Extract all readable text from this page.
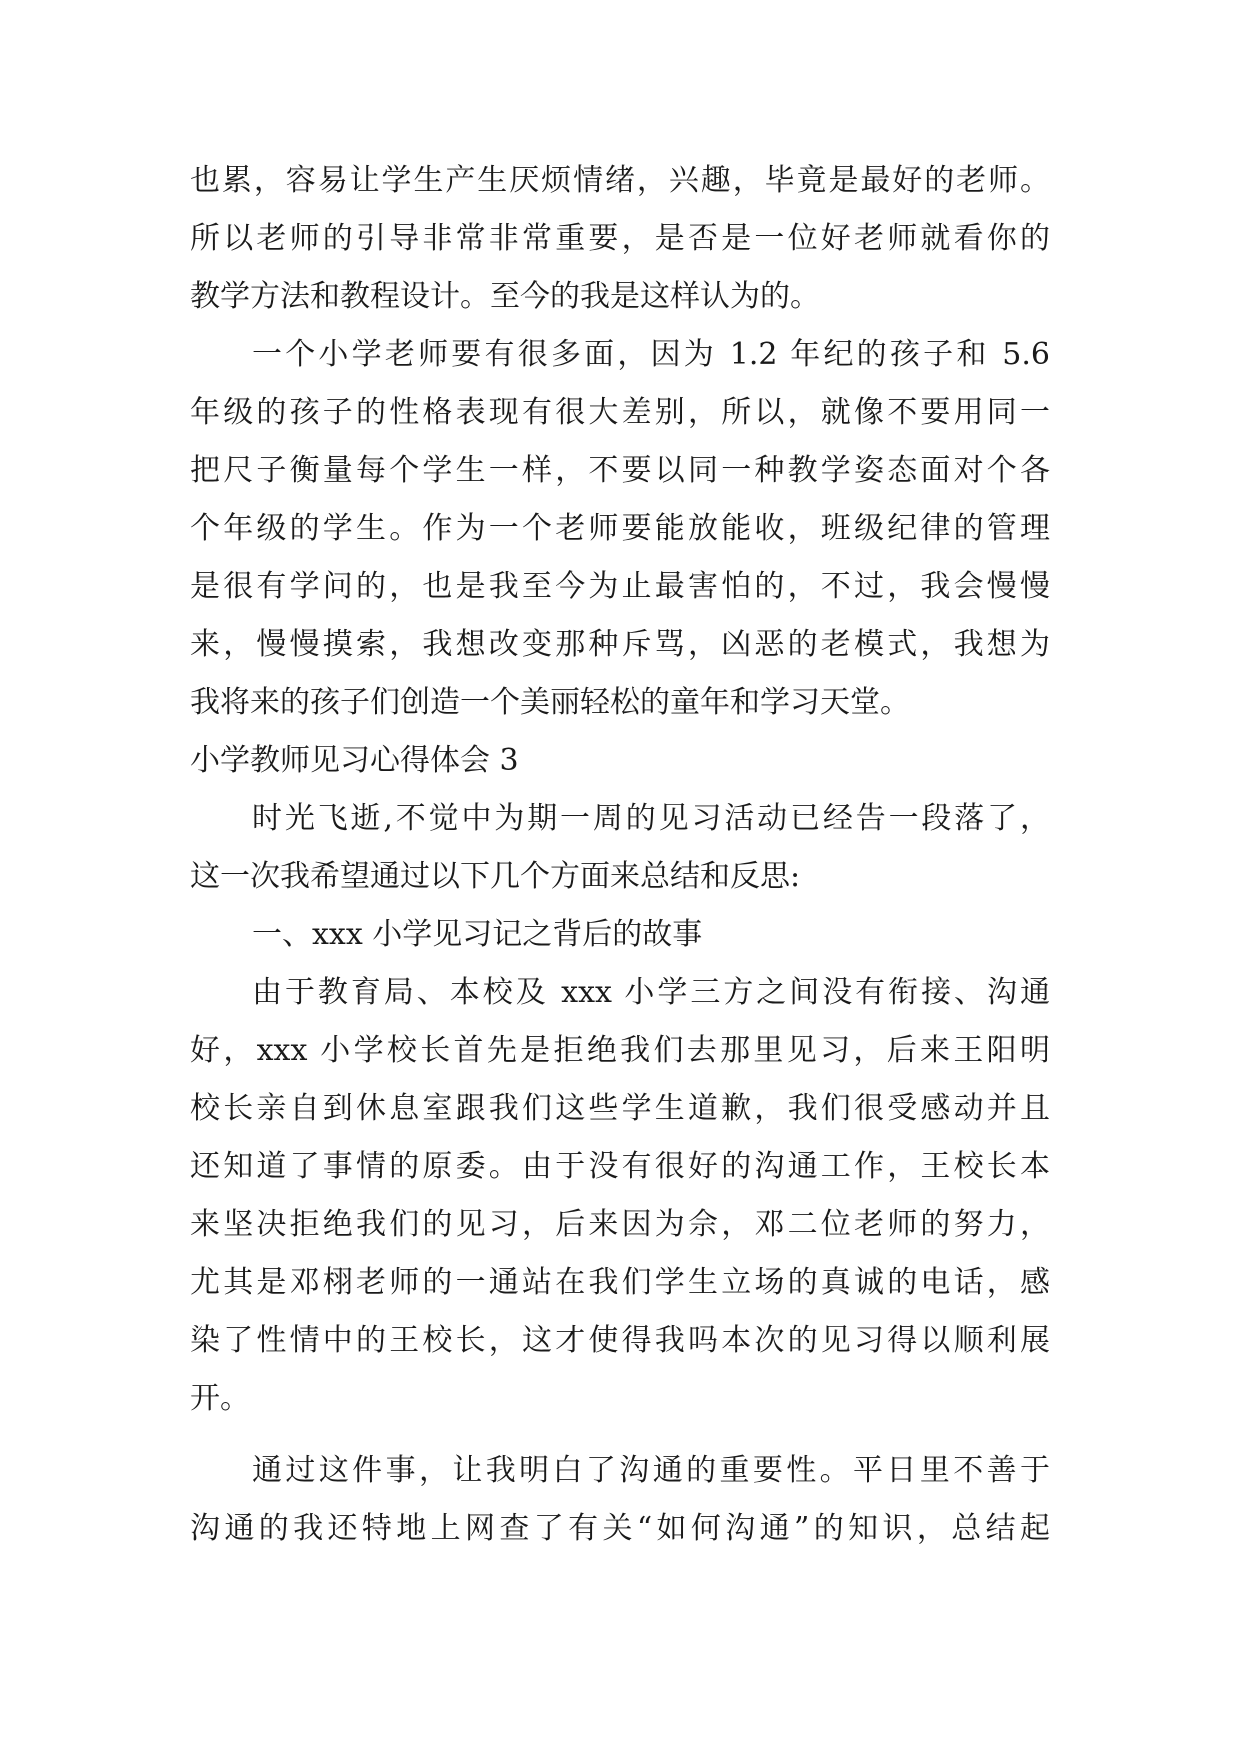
也累，容易让学生产生厌烦情绪，兴趣，毕竟是最好的老师。
所以老师的引导非常非常重要，是否是一位好老师就看你的
教学方法和教程设计。至今的我是这样认为的。
一个小学老师要有很多面，因为 1.2 年纪的孩子和 5.6
年级的孩子的性格表现有很大差别，所以，就像不要用同一
把尺子衡量每个学生一样，不要以同一种教学姿态面对个各
个年级的学生。作为一个老师要能放能收，班级纪律的管理
是很有学问的，也是我至今为止最害怕的，不过，我会慢慢
来，慢慢摸索，我想改变那种斥骂，凶恶的老模式，我想为
我将来的孩子们创造一个美丽轻松的童年和学习天堂。
小学教师见习心得体会 3
时光飞逝,不觉中为期一周的见习活动已经告一段落了，
这一次我希望通过以下几个方面来总结和反思:
一、xxx 小学见习记之背后的故事
由于教育局、本校及 xxx 小学三方之间没有衔接、沟通
好，xxx 小学校长首先是拒绝我们去那里见习，后来王阳明
校长亲自到休息室跟我们这些学生道歉，我们很受感动并且
还知道了事情的原委。由于没有很好的沟通工作，王校长本
来坚决拒绝我们的见习，后来因为佘，邓二位老师的努力，
尤其是邓栩老师的一通站在我们学生立场的真诚的电话，感
染了性情中的王校长，这才使得我吗本次的见习得以顺利展
开。
通过这件事，让我明白了沟通的重要性。平日里不善于
沟通的我还特地上网查了有关“如何沟通”的知识，总结起
